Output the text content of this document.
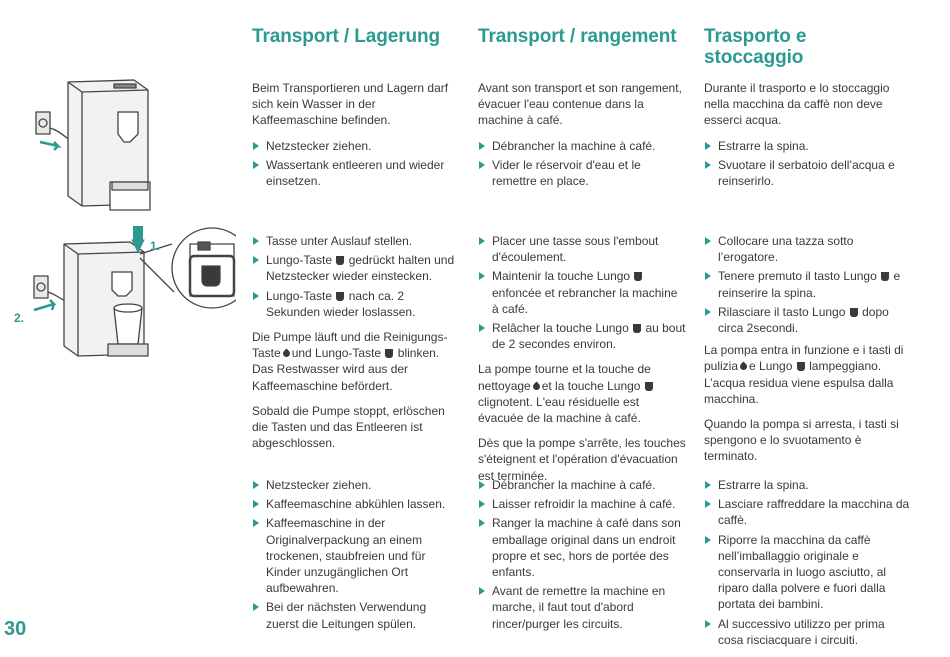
1.
2.
Transport / Lagerung

Beim Transportieren und Lagern darf sich kein Wasser in der Kaffeemaschine befinden.

Netzstecker ziehen.
Wassertank entleeren und wieder einsetzen.
Tasse unter Auslauf stellen.
Lungo-Taste gedrückt halten und Netzstecker wieder einstecken.
Lungo-Taste nach ca. 2 Sekunden wieder loslassen.

Die Pumpe läuft und die Reinigungs-Taste und Lungo-Taste blinken. Das Restwasser wird aus der Kaffeemaschine befördert.

Sobald die Pumpe stoppt, erlöschen die Tasten und das Entleeren ist abgeschlossen.

Netzstecker ziehen.
Kaffeemaschine abkühlen lassen.
Kaffeemaschine in der Originalverpackung an einem trockenen, staubfreien und für Kinder unzugänglichen Ort aufbewahren.
Bei der nächsten Verwendung zuerst die Leitungen spülen.
Transport / rangement

Avant son transport et son rangement, évacuer l'eau contenue dans la machine à café.

Débrancher la machine à café.
Vider le réservoir d'eau et le remettre en place.
Placer une tasse sous l'embout d'écoulement.
Maintenir la touche Lungo  enfoncée et rebrancher la machine à café.
Relâcher la touche Lungo au bout de 2 secondes environ.

La pompe tourne et la touche de nettoyage et la touche Lungo  clignotent. L'eau résiduelle est évacuée de la machine à café.

Dès que la pompe s'arrête, les touches s'éteignent et l'opération d'évacuation est terminée.

Débrancher la machine à café.
Laisser refroidir la machine à café.
Ranger la machine à café dans son emballage original dans un endroit propre et sec, hors de portée des enfants.
Avant de remettre la machine en marche, il faut tout d'abord rincer/purger les circuits.
Trasporto e stoccaggio

Durante il trasporto e lo stoccaggio nella macchina da caffè non deve esserci acqua.

Estrarre la spina.
Svuotare il serbatoio dell’acqua e reinserirlo.
Collocare una tazza sotto l’erogatore.
Tenere premuto il tasto Lungo e reinserire la spina.
Rilasciare il tasto Lungo dopo circa 2secondi.

La pompa entra in funzione e i tasti di pulizia e Lungo lampeggiano. L’acqua residua viene espulsa dalla macchina.

Quando la pompa si arresta, i tasti si spengono e lo svuotamento è terminato.

Estrarre la spina.
Lasciare raffreddare la macchina da caffè.
Riporre la macchina da caffè nell’imballaggio originale e conservarla in luogo asciutto, al riparo dalla polvere e fuori dalla portata dei bambini.
Al successivo utilizzo per prima cosa risciacquare i circuiti.
30
